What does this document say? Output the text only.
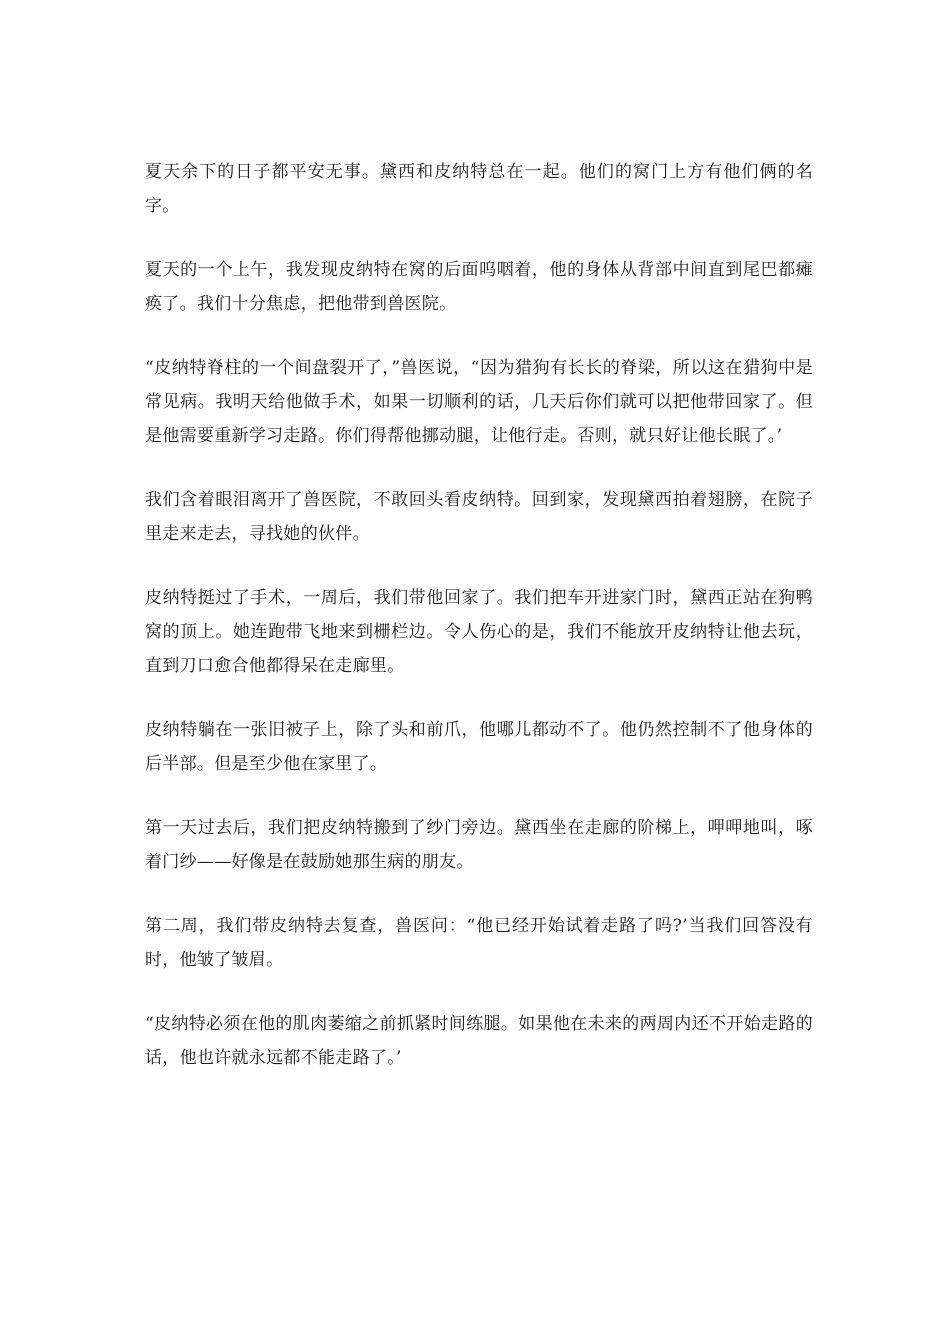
夏天余下的日子都平安无事。黛西和皮纳特总在一起。他们的窝门上方有他们俩的名字。

夏天的一个上午，我发现皮纳特在窝的后面呜咽着，他的身体从背部中间直到尾巴都瘫痪了。我们十分焦虑，把他带到兽医院。

“皮纳特脊柱的一个间盘裂开了，”兽医说，“因为猎狗有长长的脊梁，所以这在猎狗中是常见病。我明天给他做手术，如果一切顺利的话，几天后你们就可以把他带回家了。但是他需要重新学习走路。你们得帮他挪动腿，让他行走。否则，就只好让他长眠了。’

我们含着眼泪离开了兽医院，不敢回头看皮纳特。回到家，发现黛西拍着翅膀，在院子里走来走去，寻找她的伙伴。

皮纳特挺过了手术，一周后，我们带他回家了。我们把车开进家门时，黛西正站在狗鸭窝的顶上。她连跑带飞地来到栅栏边。令人伤心的是，我们不能放开皮纳特让他去玩，直到刀口愈合他都得呆在走廊里。

皮纳特躺在一张旧被子上，除了头和前爪，他哪儿都动不了。他仍然控制不了他身体的后半部。但是至少他在家里了。

第一天过去后，我们把皮纳特搬到了纱门旁边。黛西坐在走廊的阶梯上，呷呷地叫，啄着门纱——好像是在鼓励她那生病的朋友。

第二周，我们带皮纳特去复查，兽医问：“他已经开始试着走路了吗?’当我们回答没有时，他皱了皱眉。

“皮纳特必须在他的肌肉萎缩之前抓紧时间练腿。如果他在未来的两周内还不开始走路的话，他也许就永远都不能走路了。’
